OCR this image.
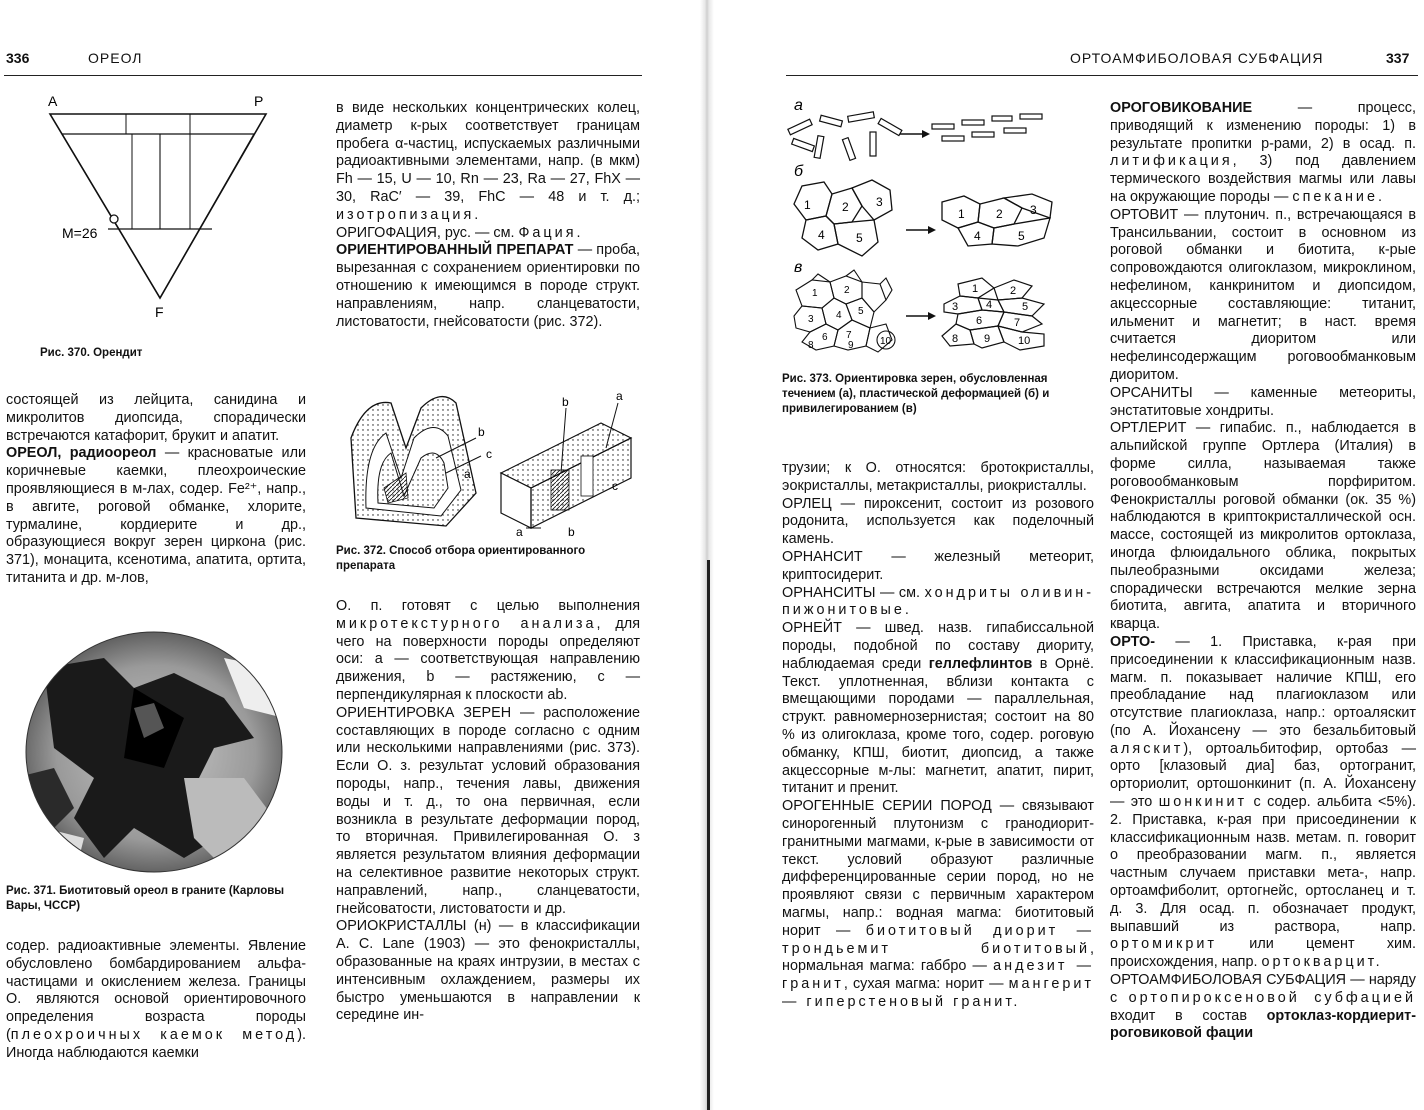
336	ОРЕОЛ
A	P
M=26
F
Рис. 370. Орендит

состоящей из лейцита, санидина и микролитов диопсида, спорадически встречаются катафорит, брукит и апатит.

ОРЕОЛ, радиоореол — красноватые или коричневые каемки, плеохроические проявляющиеся в м-лах, содер. Fe²⁺, напр., в авгите, роговой обманке, хлорите, турмалине, кордиерите и др., образующиеся вокруг зерен циркона (рис. 371), монацита, ксенотима, апатита, ортита, титанита и др. м-лов,

Рис. 371. Биотитовый ореол в граните (Карловы Вары, ЧССР)

содер. радиоактивные элементы. Явление обусловлено бомбардированием альфа-частицами и окислением железа. Границы О. являются основой ориентировочного определения возраста породы (плеохроичных каемок метод). Иногда наблюдаются каемки

в виде нескольких концентрических колец, диаметр к-рых соответствует границам пробега α-частиц, испускаемых различными радиоактивными элементами, напр. (в мкм) Fh — 15, U — 10, Rn — 23, Ra — 27, FhX — 30, RaC′ — 39, FhC — 48 и т. д.; изотропизация.

ОРИГОФАЦИЯ, рус. — см. Фация.

ОРИЕНТИРОВАННЫЙ ПРЕПАРАТ — проба, вырезанная с сохранением ориентировки по отношению к имеющимся в породе структ. направлениям, напр. сланцеватости, листоватости, гнейсоватости (рис. 372).

b
a
c
b	a
c
a	b
Рис. 372. Способ отбора ориентированного препарата

О. п. готовят с целью выполнения микротекстурного анализа, для чего на поверхности породы определяют оси: a — соответствующая направлению движения, b — растяжению, c — перпендикулярная к плоскости ab.

ОРИЕНТИРОВКА ЗЕРЕН — расположение составляющих в породе согласно с одним или несколькими направлениями (рис. 373). Если О. з. результат условий образования породы, напр., течения лавы, движения воды и т. д., то она первичная, если возникла в результате деформации пород, то вторичная. Привилегированная О. з является результатом влияния деформации на селективное развитие некоторых структ. направлений, напр., сланцеватости, гнейсоватости, листоватости и др.

ОРИОКРИСТАЛЛЫ (н) — в классификации A. C. Lane (1903) — это фенокристаллы, образованные на краях интрузии, в местах с интенсивным охлаждением, размеры их быстро уменьшаются в направлении к середине ин-

ОРТОАМФИБОЛОВАЯ СУБФАЦИЯ	337
а
б
1	2 3
4	5
1	2 3
4	5
в
1	2
3 4 5
6 7
8	9	10
1	2
3	4	5
6	7
8 9	10
Рис. 373. Ориентировка зерен, обусловленная течением (a), пластической деформацией (б) и привилегированием (в)

трузии; к О. относятся: бротокристаллы, эокристаллы, метакристаллы, риокристаллы.

ОРЛЕЦ — пироксенит, состоит из розового родонита, используется как поделочный камень.

ОРНАНСИТ — железный метеорит, криптосидерит.

ОРНАНСИТЫ — см. хондриты оливин-пижонитовые.

ОРНЕЙТ — швед. назв. гипабиссальной породы, подобной по составу диориту, наблюдаемая среди геллефлинтов в Орнё. Текст. уплотненная, вблизи контакта с вмещающими породами — параллельная, структ. равномернозернистая; состоит на 80 % из олигоклаза, кроме того, содер. роговую обманку, КПШ, биотит, диопсид, а также акцессорные м-лы: магнетит, апатит, пирит, титанит и пренит.

ОРОГЕННЫЕ СЕРИИ ПОРОД — связывают синорогенный плутонизм с гранодиорит-гранитными магмами, к-рые в зависимости от текст. условий образуют различные дифференцированные серии пород, но не проявляют связи с первичным характером магмы, напр.: водная магма: биотитовый норит — биотитовый диорит — трондьемит биотитовый, нормальная магма: габбро — андезит — гранит, сухая магма: норит — мангерит — гиперстеновый гранит.

ОРОГОВИКОВАНИЕ	— процесс, приводящий к изменению породы: 1) в результате пропитки р-рами, 2) в осад. п. литификация, 3) под давлением термического воздействия магмы или лавы на окружающие породы — спекание.

ОРТОВИТ — плутонич. п., встречающаяся в Трансильвании, состоит в основном из роговой обманки и биотита, к-рые сопровождаются олигоклазом, микроклином, нефелином, канкринитом и диопсидом, акцессорные составляющие: титанит, ильменит и магнетит; в наст. время считается диоритом или нефелинсодержащим роговообманковым диоритом.

ОРСАНИТЫ — каменные метеориты, энстатитовые хондриты.

ОРТЛЕРИТ — гипабис. п., наблюдается в альпийской группе Ортлера (Италия) в форме силла, называемая также роговообманковым порфиритом. Фенокристаллы роговой обманки (ок. 35 %) наблюдаются в криптокристаллической осн. массе, состоящей из микролитов ортоклаза, иногда флюидального облика, покрытых пылеобразными оксидами железа; спорадически встречаются мелкие зерна биотита, авгита, апатита и вторичного кварца.

ОРТО- — 1. Приставка, к-рая при присоединении к классификационным назв. магм. п. показывает наличие КПШ, его преобладание над плагиоклазом или отсутствие плагиоклаза, напр.: ортоаляскит (по А. Йохансену — это безальбитовый аляскит), ортоальбитофир, ортобаз — орто [клазовый диа] баз, ортогранит, орториолит, ортошонкинит (п. А. Йохансену — это шонкинит с содер. альбита <5%). 2. Приставка, к-рая при присоединении к классификационным назв. метам. п. говорит о преобразовании магм. п., является частным случаем приставки мета-, напр. ортоамфиболит, ортогнейс, ортосланец и т. д. 3. Для осад. п. обозначает продукт, выпавший из раствора, напр. ортомикрит или цемент хим. происхождения, напр. ортокварцит.

ОРТОАМФИБОЛОВАЯ СУБФАЦИЯ — наряду с ортопироксеновой субфацией входит в состав ортоклаз-кордиерит-роговиковой фации
